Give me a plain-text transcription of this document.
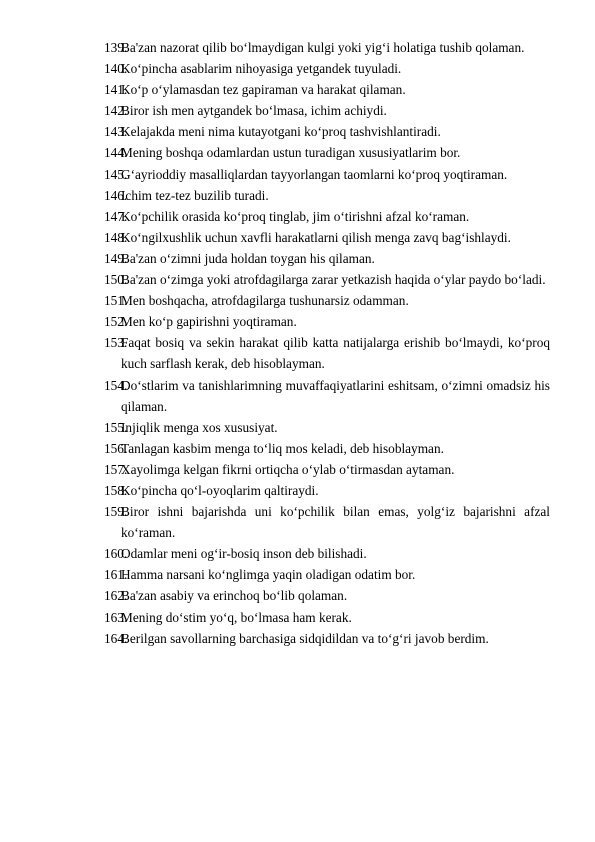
139.Ba'zan nazorat qilib bo‘lmaydigan kulgi yoki yig‘i holatiga tushib qolaman.
140.Ko‘pincha asablarim nihoyasiga yetgandek tuyuladi.
141.Ko‘p o‘ylamasdan tez gapiraman va harakat qilaman.
142.Biror ish men aytgandek bo‘lmasa, ichim achiydi.
143.Kelajakda meni nima kutayotgani ko‘proq tashvishlantiradi.
144.Mening boshqa odamlardan ustun turadigan xususiyatlarim bor.
145.G‘ayrioddiy masalliqlardan tayyorlangan taomlarni ko‘proq yoqtiraman.
146.Ichim tez-tez buzilib turadi.
147.Ko‘pchilik orasida ko‘proq tinglab, jim o‘tirishni afzal ko‘raman.
148.Ko‘ngilxushlik uchun xavfli harakatlarni qilish menga zavq bag‘ishlaydi.
149.Ba'zan o‘zimni juda holdan toygan his qilaman.
150.Ba'zan o‘zimga yoki atrofdagilarga zarar yetkazish haqida o‘ylar paydo bo‘ladi.
151.Men boshqacha, atrofdagilarga tushunarsiz odamman.
152.Men ko‘p gapirishni yoqtiraman.
153.Faqat bosiq va sekin harakat qilib katta natijalarga erishib bo‘lmaydi, ko‘proq kuch sarflash kerak, deb hisoblayman.
154.Do‘stlarim va tanishlarimning muvaffaqiyatlarini eshitsam, o‘zimni omadsiz his qilaman.
155.Injiqlik menga xos xususiyat.
156.Tanlagan kasbim menga to‘liq mos keladi, deb hisoblayman.
157.Xayolimga kelgan fikrni ortiqcha o‘ylab o‘tirmasdan aytaman.
158.Ko‘pincha qo‘l-oyoqlarim qaltiraydi.
159.Biror ishni bajarishda uni ko‘pchilik bilan emas, yolg‘iz bajarishni afzal ko‘raman.
160.Odamlar meni og‘ir-bosiq inson deb bilishadi.
161.Hamma narsani ko‘nglimga yaqin oladigan odatim bor.
162.Ba'zan asabiy va erinchoq bo‘lib qolaman.
163.Mening do‘stim yo‘q, bo‘lmasa ham kerak.
164.Berilgan savollarning barchasiga sidqidildan va to‘g‘ri javob berdim.
